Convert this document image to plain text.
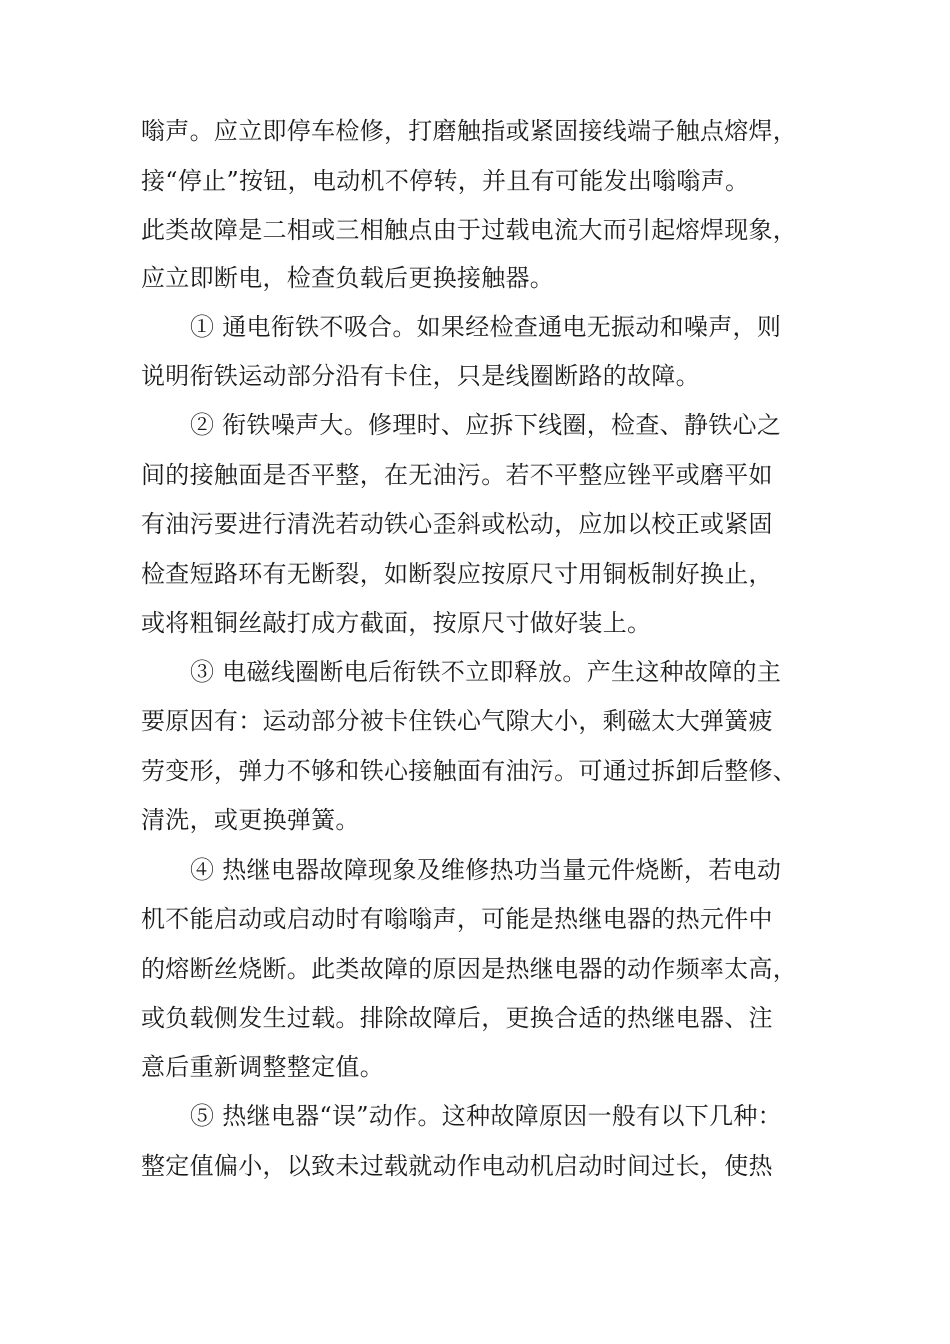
嗡声。应立即停车检修，打磨触指或紧固接线端子触点熔焊，
接“停止”按钮，电动机不停转，并且有可能发出嗡嗡声。
此类故障是二相或三相触点由于过载电流大而引起熔焊现象，
应立即断电，检查负载后更换接触器。
① 通电衔铁不吸合。如果经检查通电无振动和噪声，则
说明衔铁运动部分沿有卡住，只是线圈断路的故障。
② 衔铁噪声大。修理时、应拆下线圈，检查、静铁心之
间的接触面是否平整，在无油污。若不平整应锉平或磨平如
有油污要进行清洗若动铁心歪斜或松动，应加以校正或紧固
检查短路环有无断裂，如断裂应按原尺寸用铜板制好换止，
或将粗铜丝敲打成方截面，按原尺寸做好装上。
③ 电磁线圈断电后衔铁不立即释放。产生这种故障的主
要原因有：运动部分被卡住铁心气隙大小，剩磁太大弹簧疲
劳变形，弹力不够和铁心接触面有油污。可通过拆卸后整修、
清洗，或更换弹簧。
④ 热继电器故障现象及维修热功当量元件烧断，若电动
机不能启动或启动时有嗡嗡声，可能是热继电器的热元件中
的熔断丝烧断。此类故障的原因是热继电器的动作频率太高，
或负载侧发生过载。排除故障后，更换合适的热继电器、注
意后重新调整整定值。
⑤ 热继电器“误”动作。这种故障原因一般有以下几种：
整定值偏小，以致未过载就动作电动机启动时间过长，使热
